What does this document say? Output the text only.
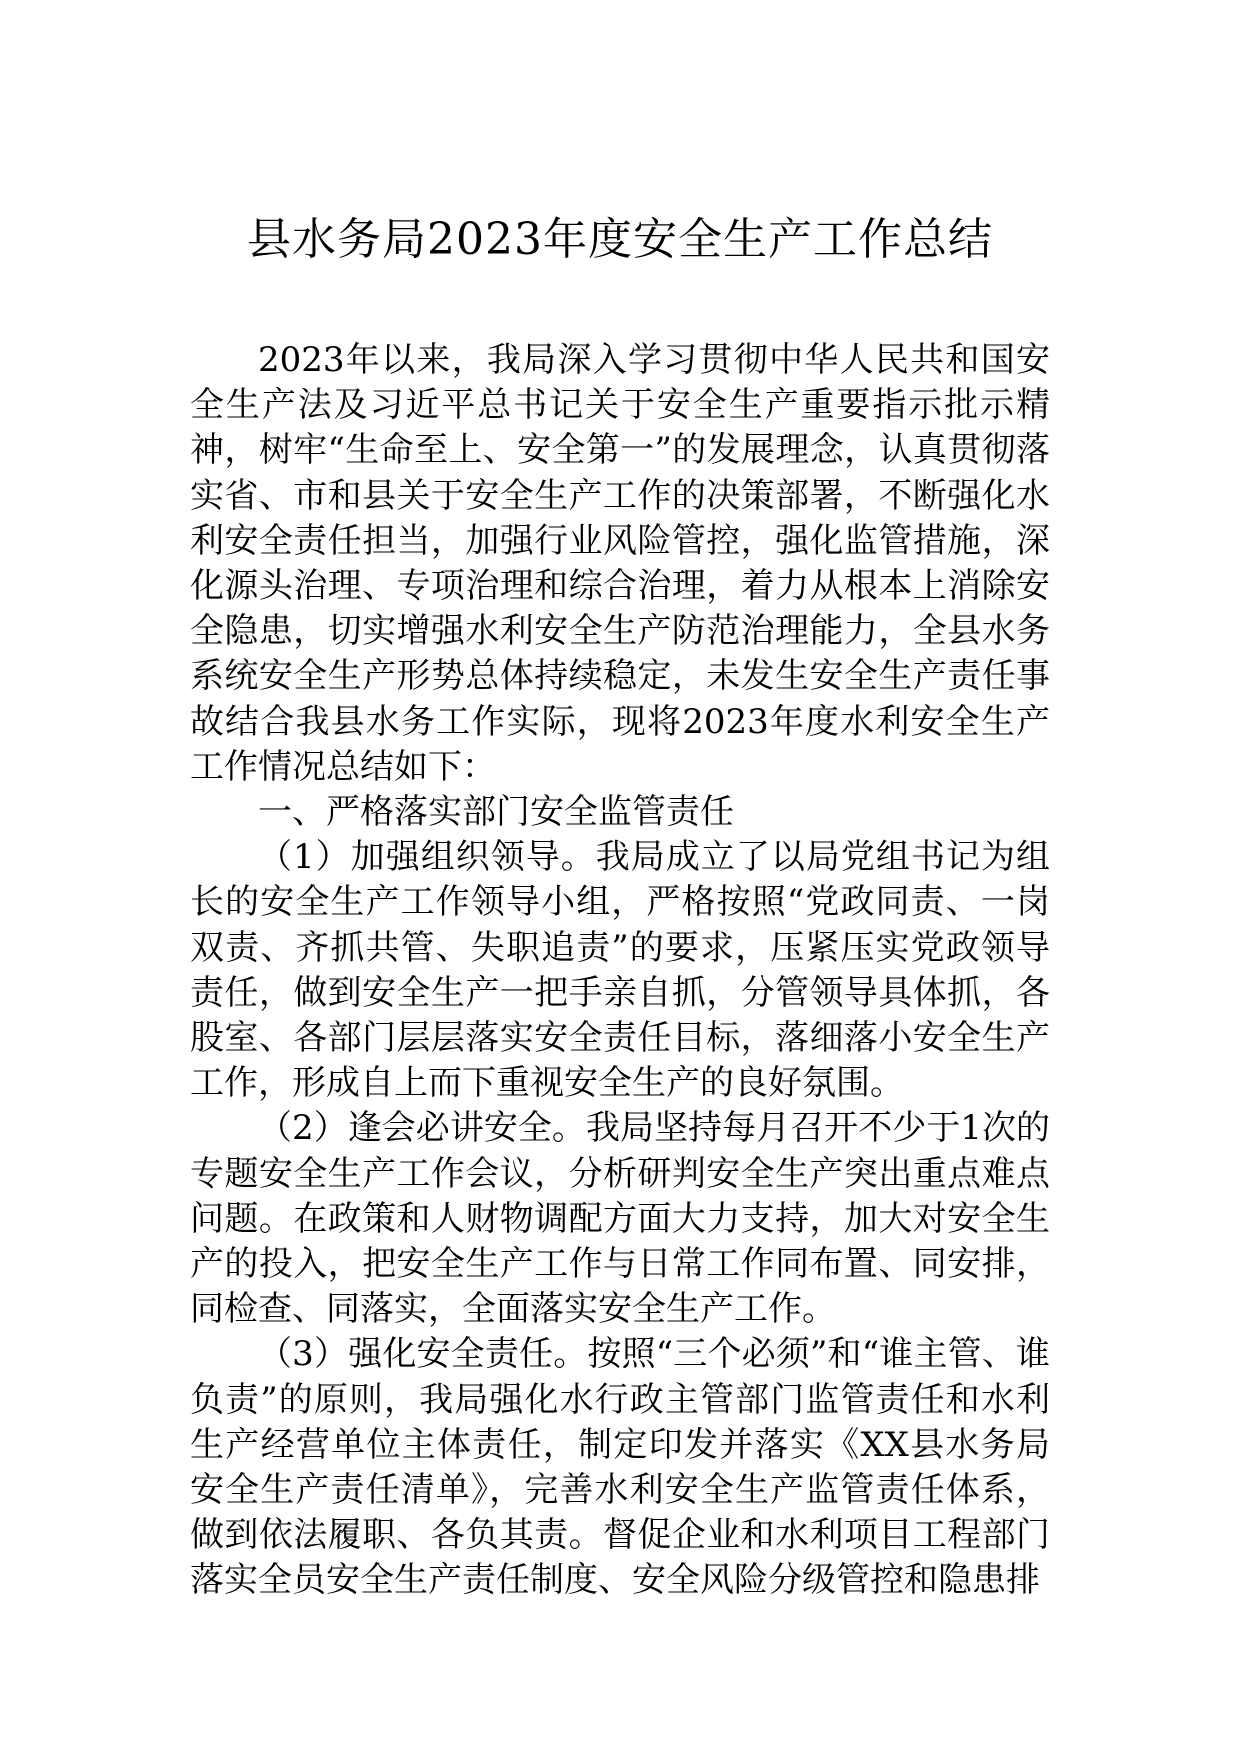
县水务局2023年度安全生产工作总结

2023年以来，我局深入学习贯彻中华人民共和国安全生产法及习近平总书记关于安全生产重要指示批示精神，树牢“生命至上、安全第一”的发展理念，认真贯彻落实省、市和县关于安全生产工作的决策部署，不断强化水利安全责任担当，加强行业风险管控，强化监管措施，深化源头治理、专项治理和综合治理，着力从根本上消除安全隐患，切实增强水利安全生产防范治理能力，全县水务系统安全生产形势总体持续稳定，未发生安全生产责任事故结合我县水务工作实际，现将2023年度水利安全生产工作情况总结如下：

一、严格落实部门安全监管责任

（1）加强组织领导。我局成立了以局党组书记为组长的安全生产工作领导小组，严格按照“党政同责、一岗双责、齐抓共管、失职追责”的要求，压紧压实党政领导责任，做到安全生产一把手亲自抓，分管领导具体抓，各股室、各部门层层落实安全责任目标，落细落小安全生产工作，形成自上而下重视安全生产的良好氛围。

（2）逢会必讲安全。我局坚持每月召开不少于1次的专题安全生产工作会议，分析研判安全生产突出重点难点问题。在政策和人财物调配方面大力支持，加大对安全生产的投入，把安全生产工作与日常工作同布置、同安排，同检查、同落实，全面落实安全生产工作。

（3）强化安全责任。按照“三个必须”和“谁主管、谁负责”的原则，我局强化水行政主管部门监管责任和水利生产经营单位主体责任，制定印发并落实《XX县水务局安全生产责任清单》，完善水利安全生产监管责任体系，做到依法履职、各负其责。督促企业和水利项目工程部门落实全员安全生产责任制度、安全风险分级管控和隐患排
